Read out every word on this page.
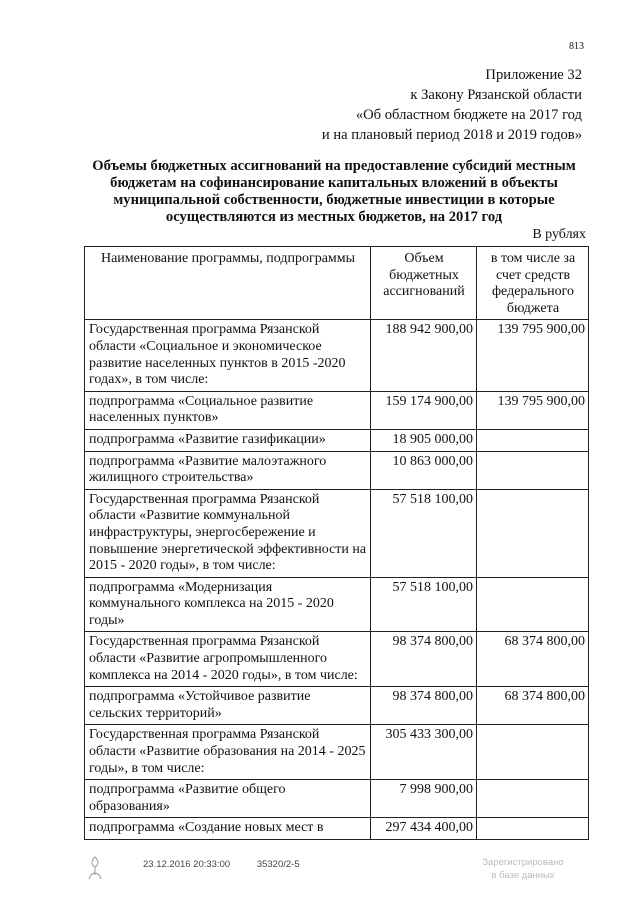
813
Приложение 32
к Закону Рязанской области
«Об областном бюджете на 2017 год
и на плановый период 2018 и 2019 годов»
Объемы бюджетных ассигнований на предоставление субсидий местным бюджетам на софинансирование капитальных вложений в объекты муниципальной собственности, бюджетные инвестиции в которые осуществляются из местных бюджетов, на 2017 год
В рублях
Наименование программы, подпрограммы	Объем бюджетных ассигнований	в том числе за счет средств федерального бюджета
Государственная программа Рязанской области «Социальное и экономическое развитие населенных пунктов в 2015 -2020 годах», в том числе:	188 942 900,00	139 795 900,00
подпрограмма «Социальное развитие населенных пунктов»	159 174 900,00	139 795 900,00
подпрограмма «Развитие газификации»	18 905 000,00	
подпрограмма «Развитие малоэтажного жилищного строительства»	10 863 000,00	
Государственная программа Рязанской области «Развитие коммунальной инфраструктуры, энергосбережение и повышение энергетической эффективности на 2015 - 2020 годы», в том числе:	57 518 100,00	
подпрограмма «Модернизация коммунального комплекса на 2015 - 2020 годы»	57 518 100,00	
Государственная программа Рязанской области «Развитие агропромышленного комплекса на 2014 - 2020 годы», в том числе:	98 374 800,00	68 374 800,00
подпрограмма «Устойчивое развитие сельских территорий»	98 374 800,00	68 374 800,00
Государственная программа Рязанской области «Развитие образования на 2014 - 2025 годы», в том числе:	305 433 300,00	
подпрограмма «Развитие общего образования»	7 998 900,00	
подпрограмма «Создание новых мест в	297 434 400,00	
23.12.2016 20:33:00	35320/2-5	Зарегистрировано
в базе данных
